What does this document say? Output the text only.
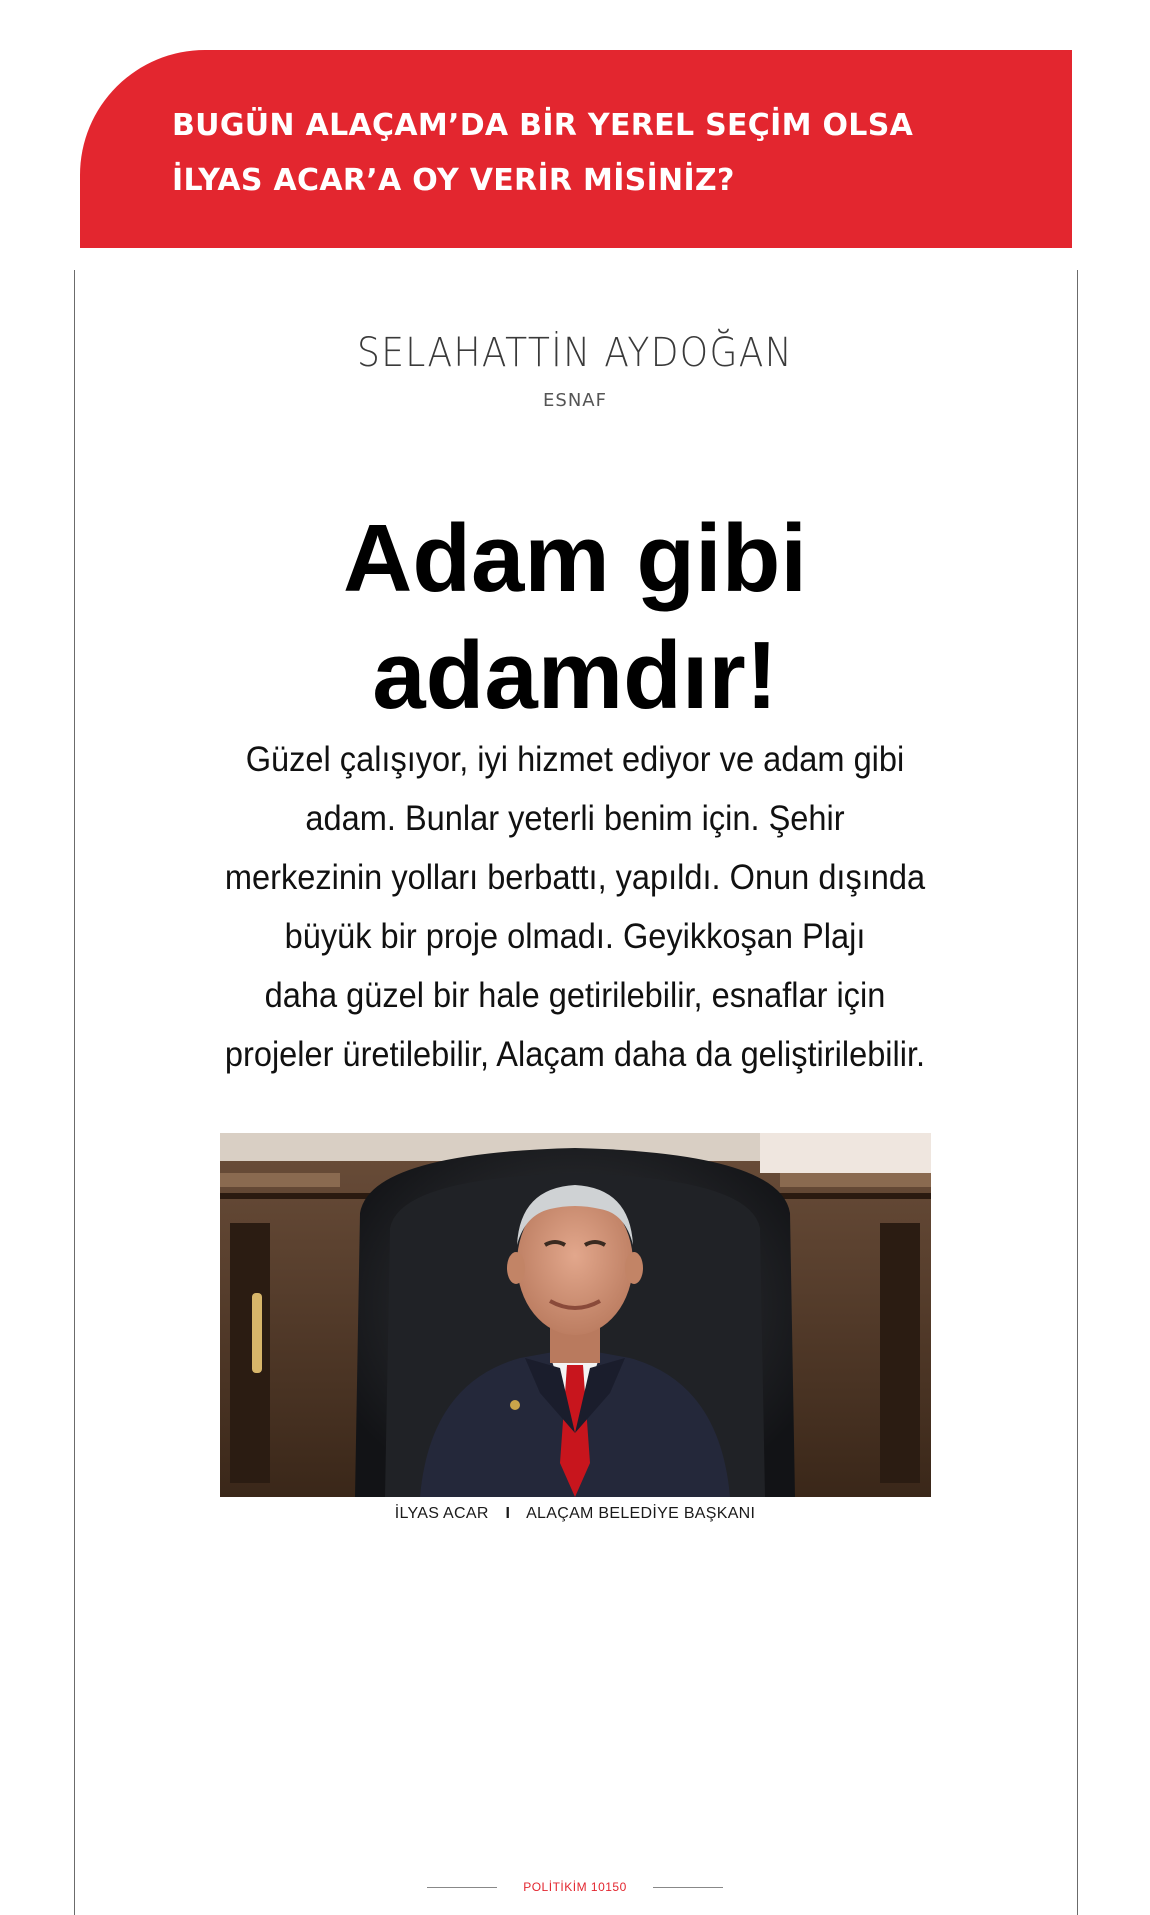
BUGÜN ALAÇAM’DA BİR YEREL SEÇİM OLSA
İLYAS ACAR’A OY VERİR MİSİNİZ?
SELAHATTİN AYDOĞAN
ESNAF
Adam gibi
adamdır!
Güzel çalışıyor, iyi hizmet ediyor ve adam gibi
adam. Bunlar yeterli benim için. Şehir
merkezinin yolları berbattı, yapıldı. Onun dışında
büyük bir proje olmadı. Geyikkoşan Plajı
daha güzel bir hale getirilebilir, esnaflar için
projeler üretilebilir, Alaçam daha da geliştirilebilir.
İLYAS ACAR I ALAÇAM BELEDİYE BAŞKANI
POLİTİKİM 10150
